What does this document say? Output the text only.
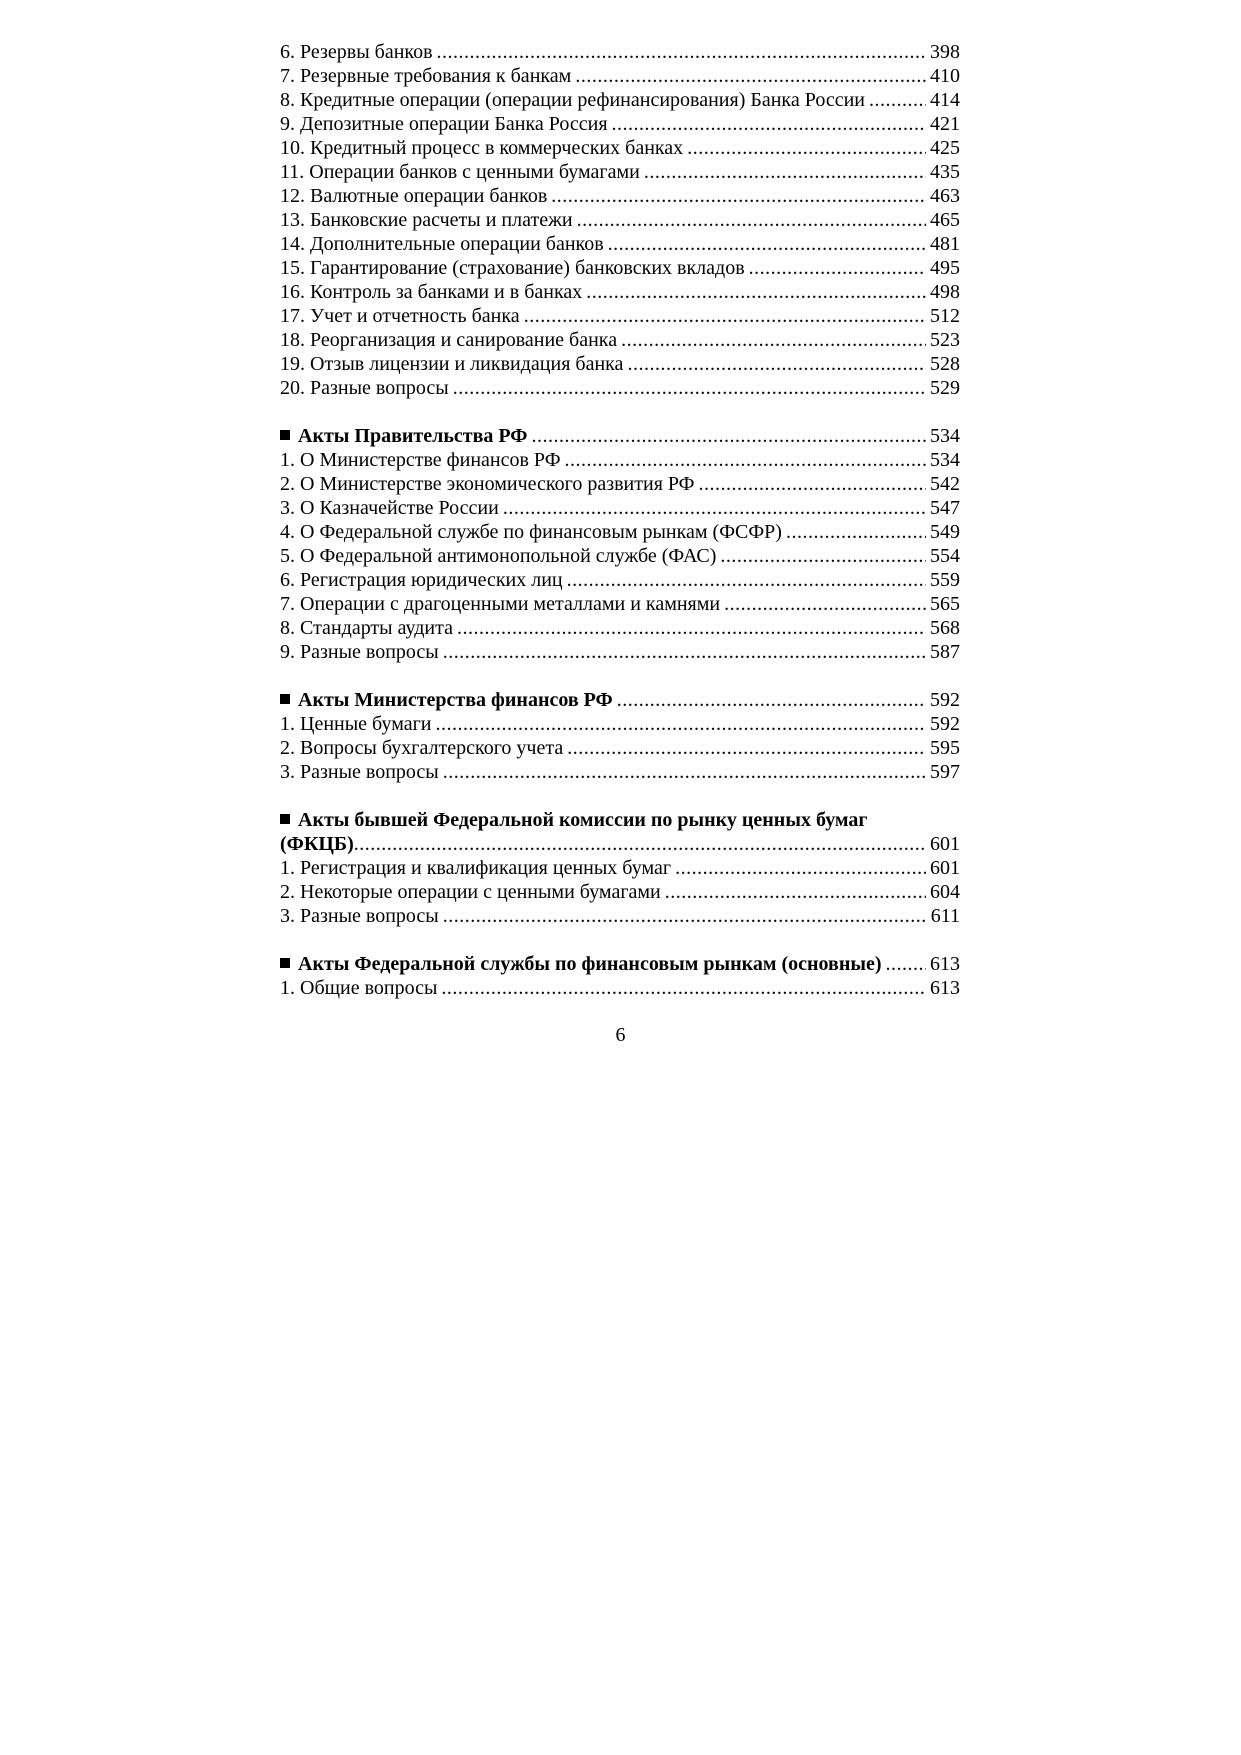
6. Резервы банков .....	398
7. Резервные требования к банкам .....	410
8. Кредитные операции (операции рефинансирования) Банка России .....	414
9. Депозитные операции Банка Россия .....	421
10. Кредитный процесс в коммерческих банках .....	425
11. Операции банков с ценными бумагами .....	435
12. Валютные операции банков .....	463
13. Банковские расчеты и платежи .....	465
14. Дополнительные операции банков .....	481
15. Гарантирование (страхование) банковских вкладов .....	495
16. Контроль за банками и в банках .....	498
17. Учет и отчетность банка .....	512
18. Реорганизация и санирование банка .....	523
19. Отзыв лицензии и ликвидация банка .....	528
20. Разные вопросы .....	529
Акты Правительства РФ .....	534
1. О Министерстве финансов РФ .....	534
2. О Министерстве экономического развития РФ .....	542
3. О Казначействе России .....	547
4. О Федеральной службе по финансовым рынкам (ФСФР) .....	549
5. О Федеральной антимонопольной службе (ФАС) .....	554
6. Регистрация юридических лиц .....	559
7. Операции с драгоценными металлами и камнями .....	565
8. Стандарты аудита .....	568
9. Разные вопросы .....	587
Акты Министерства финансов РФ .....	592
1. Ценные бумаги .....	592
2. Вопросы бухгалтерского учета .....	595
3. Разные вопросы .....	597
Акты бывшей Федеральной комиссии по рынку ценных бумаг
(ФКЦБ) .....	601
1. Регистрация и квалификация ценных бумаг .....	601
2. Некоторые операции с ценными бумагами .....	604
3. Разные вопросы .....	611
Акты Федеральной службы по финансовым рынкам (основные) ..... 613
1. Общие вопросы .....	613
6
